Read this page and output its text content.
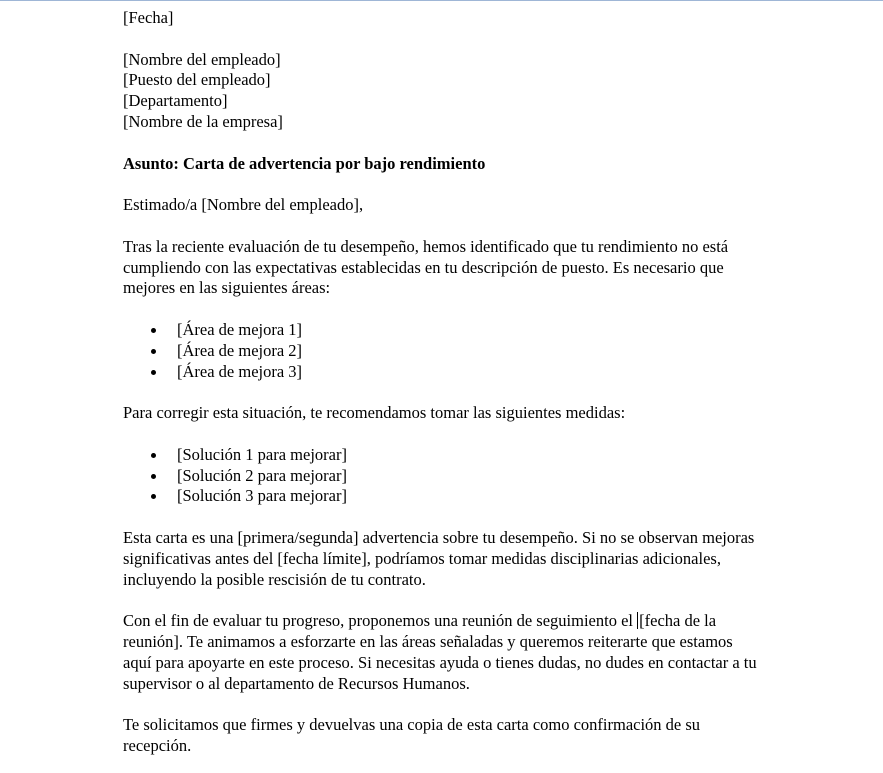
[Fecha]

[Nombre del empleado]

[Puesto del empleado]

[Departamento]

[Nombre de la empresa]

Asunto: Carta de advertencia por bajo rendimiento

Estimado/a [Nombre del empleado],

Tras la reciente evaluación de tu desempeño, hemos identificado que tu rendimiento no está cumpliendo con las expectativas establecidas en tu descripción de puesto. Es necesario que mejores en las siguientes áreas:

[Área de mejora 1]
[Área de mejora 2]
[Área de mejora 3]

Para corregir esta situación, te recomendamos tomar las siguientes medidas:

[Solución 1 para mejorar]
[Solución 2 para mejorar]
[Solución 3 para mejorar]

Esta carta es una [primera/segunda] advertencia sobre tu desempeño. Si no se observan mejoras significativas antes del [fecha límite], podríamos tomar medidas disciplinarias adicionales, incluyendo la posible rescisión de tu contrato.

Con el fin de evaluar tu progreso, proponemos una reunión de seguimiento el [fecha de la reunión]. Te animamos a esforzarte en las áreas señaladas y queremos reiterarte que estamos aquí para apoyarte en este proceso. Si necesitas ayuda o tienes dudas, no dudes en contactar a tu supervisor o al departamento de Recursos Humanos.

Te solicitamos que firmes y devuelvas una copia de esta carta como confirmación de su recepción.
